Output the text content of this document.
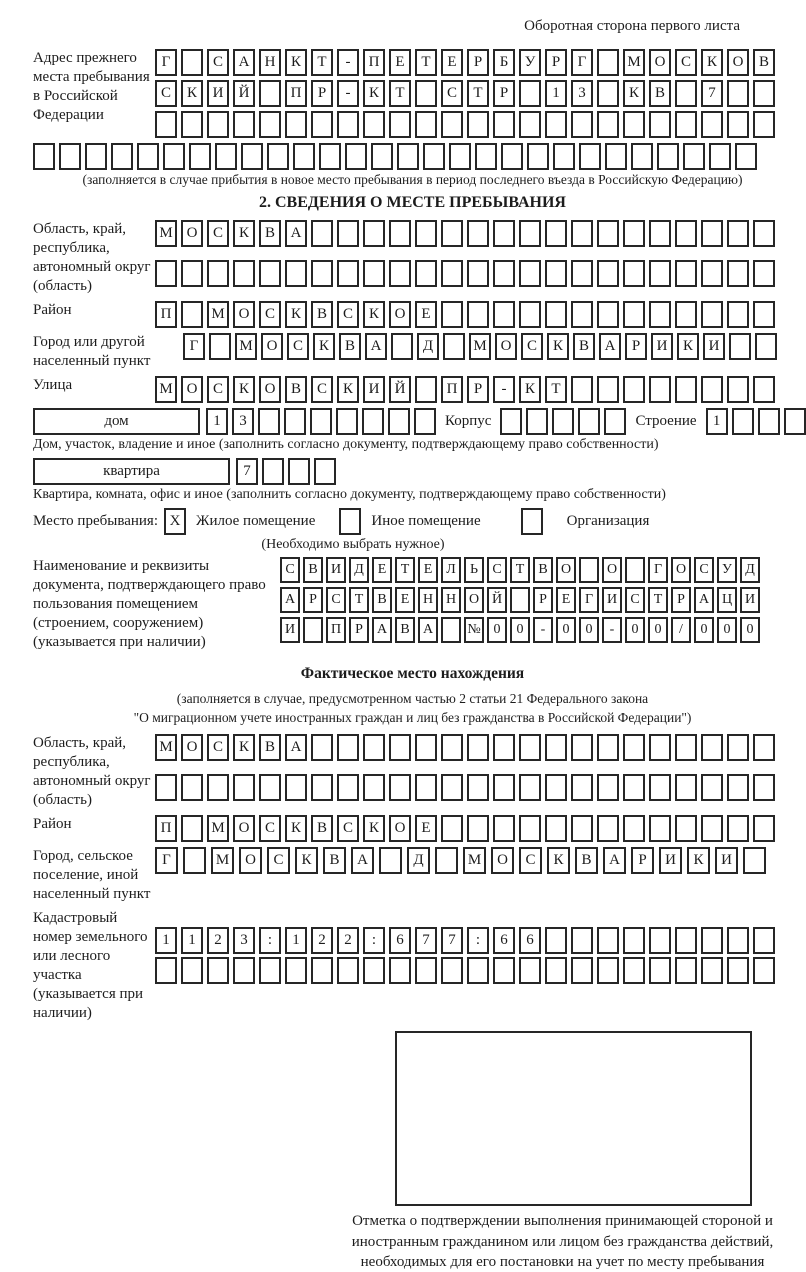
Оборотная сторона первого листа
Адрес прежнего места пребывания в Российской Федерации
Г	С	А	Н	К	Т	-	П	Е	Т	Е	Р	Б	У	Р	Г	М О	С	К	О	В
С	К	И	Й	П	Р	-	К	Т	С	Т	Р	1	3	К	В	7
(заполняется в случае прибытия в новое место пребывания в период последнего въезда в Российскую Федерацию)
2. СВЕДЕНИЯ О МЕСТЕ ПРЕБЫВАНИЯ
Область, край, республика, автономный округ (область)
М О	С	К	В	А
Район	П	М О	С	К	В	С	К	О	Е
Город или другой населенный пункт
Г	М О	С	К	В	А	Д	М О	С	К	В	А	Р	И	К	И
Улица	М О	С	К	О	В	С	К	И	Й	П	Р	-	К	Т
дом	1	3	Корпус	Строение	1
Дом, участок, владение и иное (заполнить согласно документу, подтверждающему право собственности)
квартира	7
Квартира, комната, офис и иное (заполнить согласно документу, подтверждающему право собственности)
Место пребывания: X	Жилое помещение	Иное помещение	Организация
(Необходимо выбрать нужное)
Наименование и реквизиты документа, подтверждающего право пользования помещением (строением, сооружением) (указывается при наличии)
С В И Д Е	Т	Е Л	Ь	С	Т	В О	О	Г О С У Д
А	Р	С	Т	В	Е Н Н О Й	Р	Е	Г И С	Т	Р	А Ц И
И	П	Р	А В А	№ 0	0	-	0	0	-	0	0	/	0	0	0
Фактическое место нахождения
(заполняется в случае, предусмотренном частью 2 статьи 21 Федерального закона
"О миграционном учете иностранных граждан и лиц без гражданства в Российской Федерации")
Область, край, республика, автономный округ (область)
М О	С	К	В	А
Район	П	М О	С	К	В	С	К	О	Е
Город, сельское поселение, иной населенный пункт
Г	М	О	С	К	В	А	Д	М	О	С	К	В	А	Р	И	К	И
Кадастровый номер земельного или лесного участка (указывается при наличии)
1	1	2	3	:	1	2	2	:	6	7	7	:	6	6
Отметка о подтверждении выполнения принимающей стороной и иностранным гражданином или лицом без гражданства действий, необходимых для его постановки на учет по месту пребывания
